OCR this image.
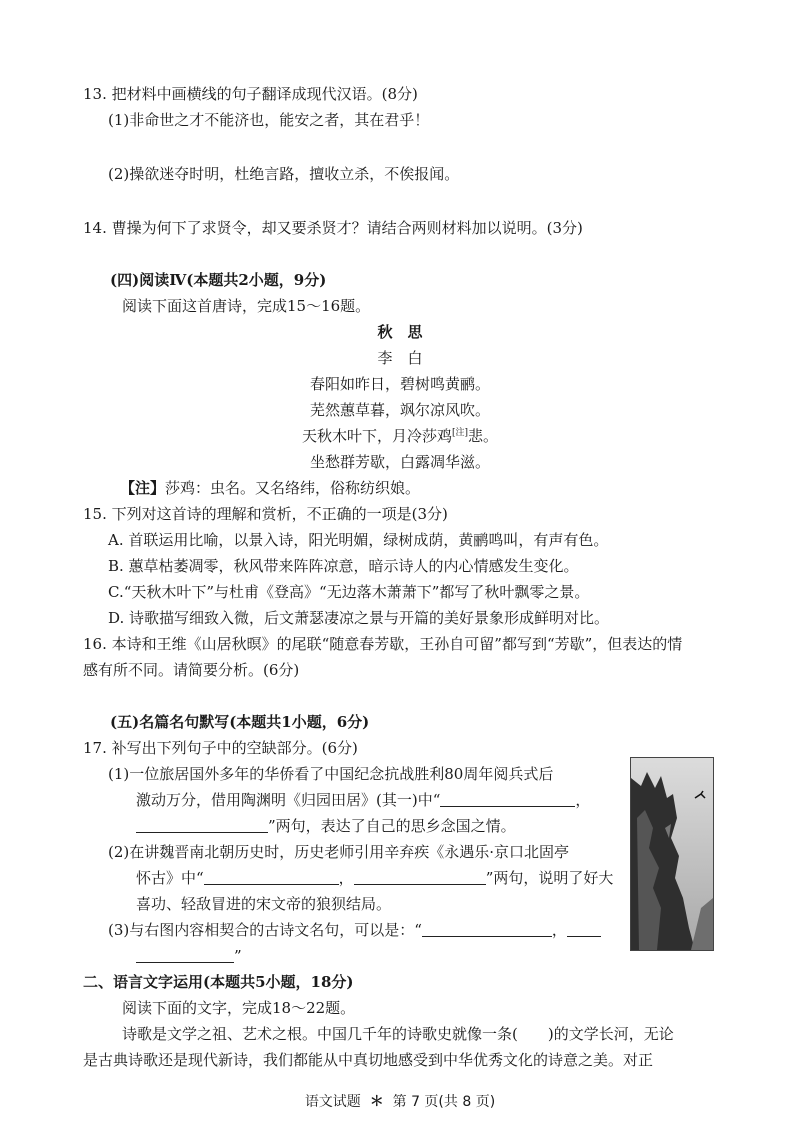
13. 把材料中画横线的句子翻译成现代汉语。(8分)
(1)非命世之才不能济也，能安之者，其在君乎！
(2)操欲迷夺时明，杜绝言路，擅收立杀，不俟报闻。
14. 曹操为何下了求贤令，却又要杀贤才？请结合两则材料加以说明。(3分)
(四)阅读Ⅳ(本题共2小题，9分)
阅读下面这首唐诗，完成15～16题。
秋　思
李　白
春阳如昨日，碧树鸣黄鹂。
芜然蕙草暮，飒尔凉风吹。
天秋木叶下，月冷莎鸡[注]悲。
坐愁群芳歇，白露凋华滋。
【注】莎鸡：虫名。又名络纬，俗称纺织娘。
15. 下列对这首诗的理解和赏析，不正确的一项是(3分)
A. 首联运用比喻，以景入诗，阳光明媚，绿树成荫，黄鹂鸣叫，有声有色。
B. 蕙草枯萎凋零，秋风带来阵阵凉意，暗示诗人的内心情感发生变化。
C.“天秋木叶下”与杜甫《登高》“无边落木萧萧下”都写了秋叶飘零之景。
D. 诗歌描写细致入微，后文萧瑟凄凉之景与开篇的美好景象形成鲜明对比。
16. 本诗和王维《山居秋暝》的尾联“随意春芳歇，王孙自可留”都写到“芳歇”，但表达的情
感有所不同。请简要分析。(6分)
(五)名篇名句默写(本题共1小题，6分)
17. 补写出下列句子中的空缺部分。(6分)
(1)一位旅居国外多年的华侨看了中国纪念抗战胜利80周年阅兵式后
激动万分，借用陶渊明《归园田居》(其一)中“	，
”两句，表达了自己的思乡念国之情。
(2)在讲魏晋南北朝历史时，历史老师引用辛弃疾《永遇乐·京口北固亭
怀古》中“	，	”两句，说明了好大
喜功、轻敌冒进的宋文帝的狼狈结局。
(3)与右图内容相契合的古诗文名句，可以是：“	，
”
二、语言文字运用(本题共5小题，18分)
阅读下面的文字，完成18～22题。
诗歌是文学之祖、艺术之根。中国几千年的诗歌史就像一条(　　)的文学长河，无论
是古典诗歌还是现代新诗，我们都能从中真切地感受到中华优秀文化的诗意之美。对正
语文试题 ＊ 第 7 页(共 8 页)
